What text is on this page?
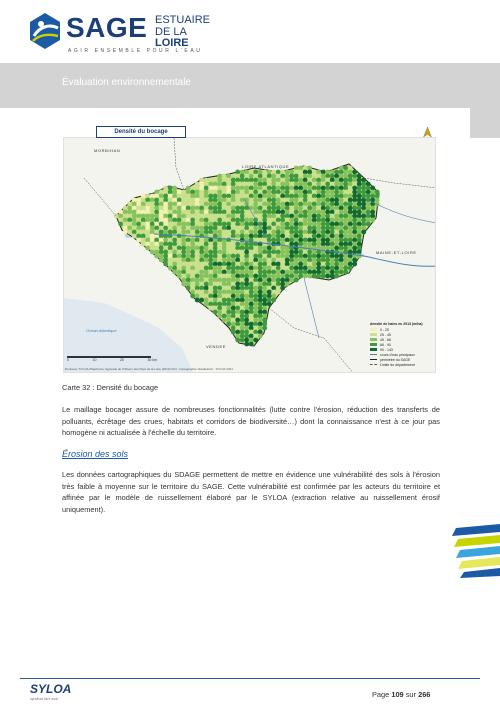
SAGE ESTUAIRE
DE LA LOIRE
AGIR ENSEMBLE POUR L'EAU
Évaluation environnementale
Densité du bocage
MORBIHAN
LOIRE ATLANTIQUE
MAINE-ET-LOIRE
VENDEE
Océan Atlantique
densité de haies en 2013 (m/ha)
0 - 25
25 - 45
45 - 66
66 - 90
90 - 143
cours d'eau principaux
périmètre du SAGE
Limite du département
0	10	20	30 km
Données: SYLOA Plateforme régionale de l'Observ des Pays de la Loire (2013) IGN - Cartographie: Réalisation : SYLOA 2021
Carte 32 : Densité du bocage

Le maillage bocager assure de nombreuses fonctionnalités (lutte contre l'érosion, réduction des transferts de polluants, écrêtage des crues, habitats et corridors de biodiversité…) dont la connaissance n'est à ce jour pas homogène ni actualisée à l'échelle du territoire.

Érosion des sols

Les données cartographiques du SDAGE permettent de mettre en évidence une vulnérabilité des sols à l'érosion très faible à moyenne sur le territoire du SAGE. Cette vulnérabilité est confirmée par les acteurs du territoire et affinée par le modèle de ruissellement élaboré par le SYLOA (extraction relative au ruissellement érosif uniquement).

SYLOA
syndicat loire aval	Page 109 sur 266
